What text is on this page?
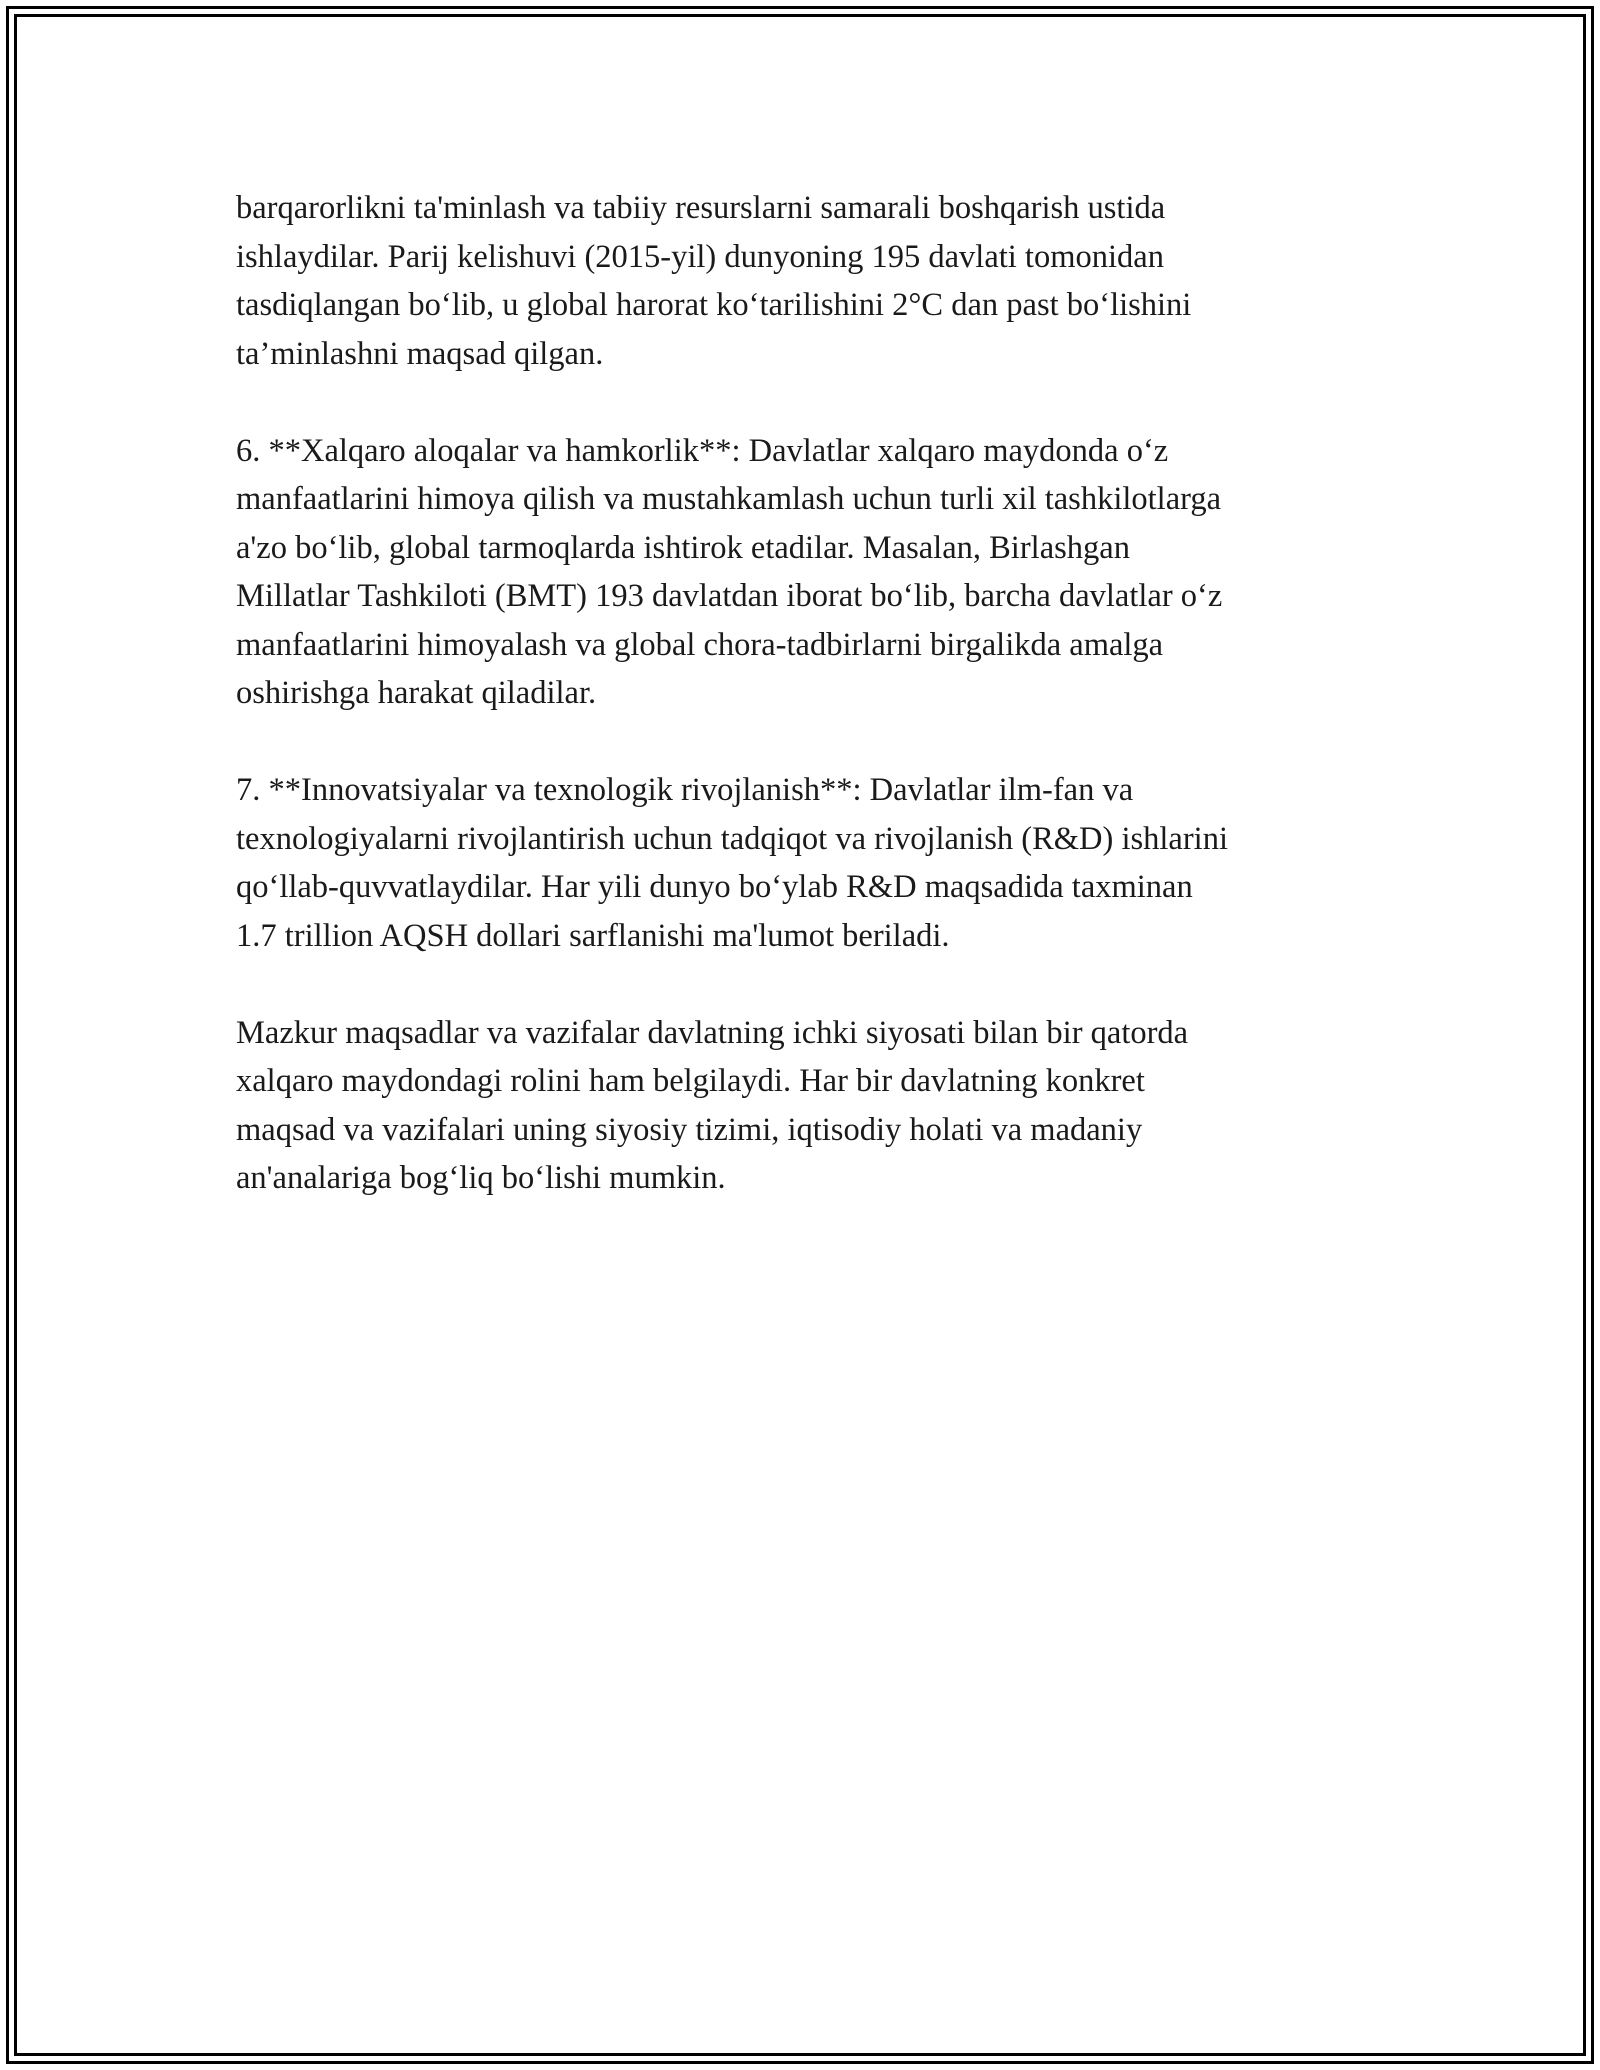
barqarorlikni ta'minlash va tabiiy resurslarni samarali boshqarish ustida
ishlaydilar. Parij kelishuvi (2015-yil) dunyoning 195 davlati tomonidan
tasdiqlangan bo‘lib, u global harorat ko‘tarilishini 2°C dan past bo‘lishini
ta’minlashni maqsad qilgan.

6. **Xalqaro aloqalar va hamkorlik**: Davlatlar xalqaro maydonda o‘z
manfaatlarini himoya qilish va mustahkamlash uchun turli xil tashkilotlarga
a'zo bo‘lib, global tarmoqlarda ishtirok etadilar. Masalan, Birlashgan
Millatlar Tashkiloti (BMT) 193 davlatdan iborat bo‘lib, barcha davlatlar o‘z
manfaatlarini himoyalash va global chora-tadbirlarni birgalikda amalga
oshirishga harakat qiladilar.

7. **Innovatsiyalar va texnologik rivojlanish**: Davlatlar ilm-fan va
texnologiyalarni rivojlantirish uchun tadqiqot va rivojlanish (R&D) ishlarini
qo‘llab-quvvatlaydilar. Har yili dunyo bo‘ylab R&D maqsadida taxminan
1.7 trillion AQSH dollari sarflanishi ma'lumot beriladi.

Mazkur maqsadlar va vazifalar davlatning ichki siyosati bilan bir qatorda
xalqaro maydondagi rolini ham belgilaydi. Har bir davlatning konkret
maqsad va vazifalari uning siyosiy tizimi, iqtisodiy holati va madaniy
an'analariga bog‘liq bo‘lishi mumkin.
